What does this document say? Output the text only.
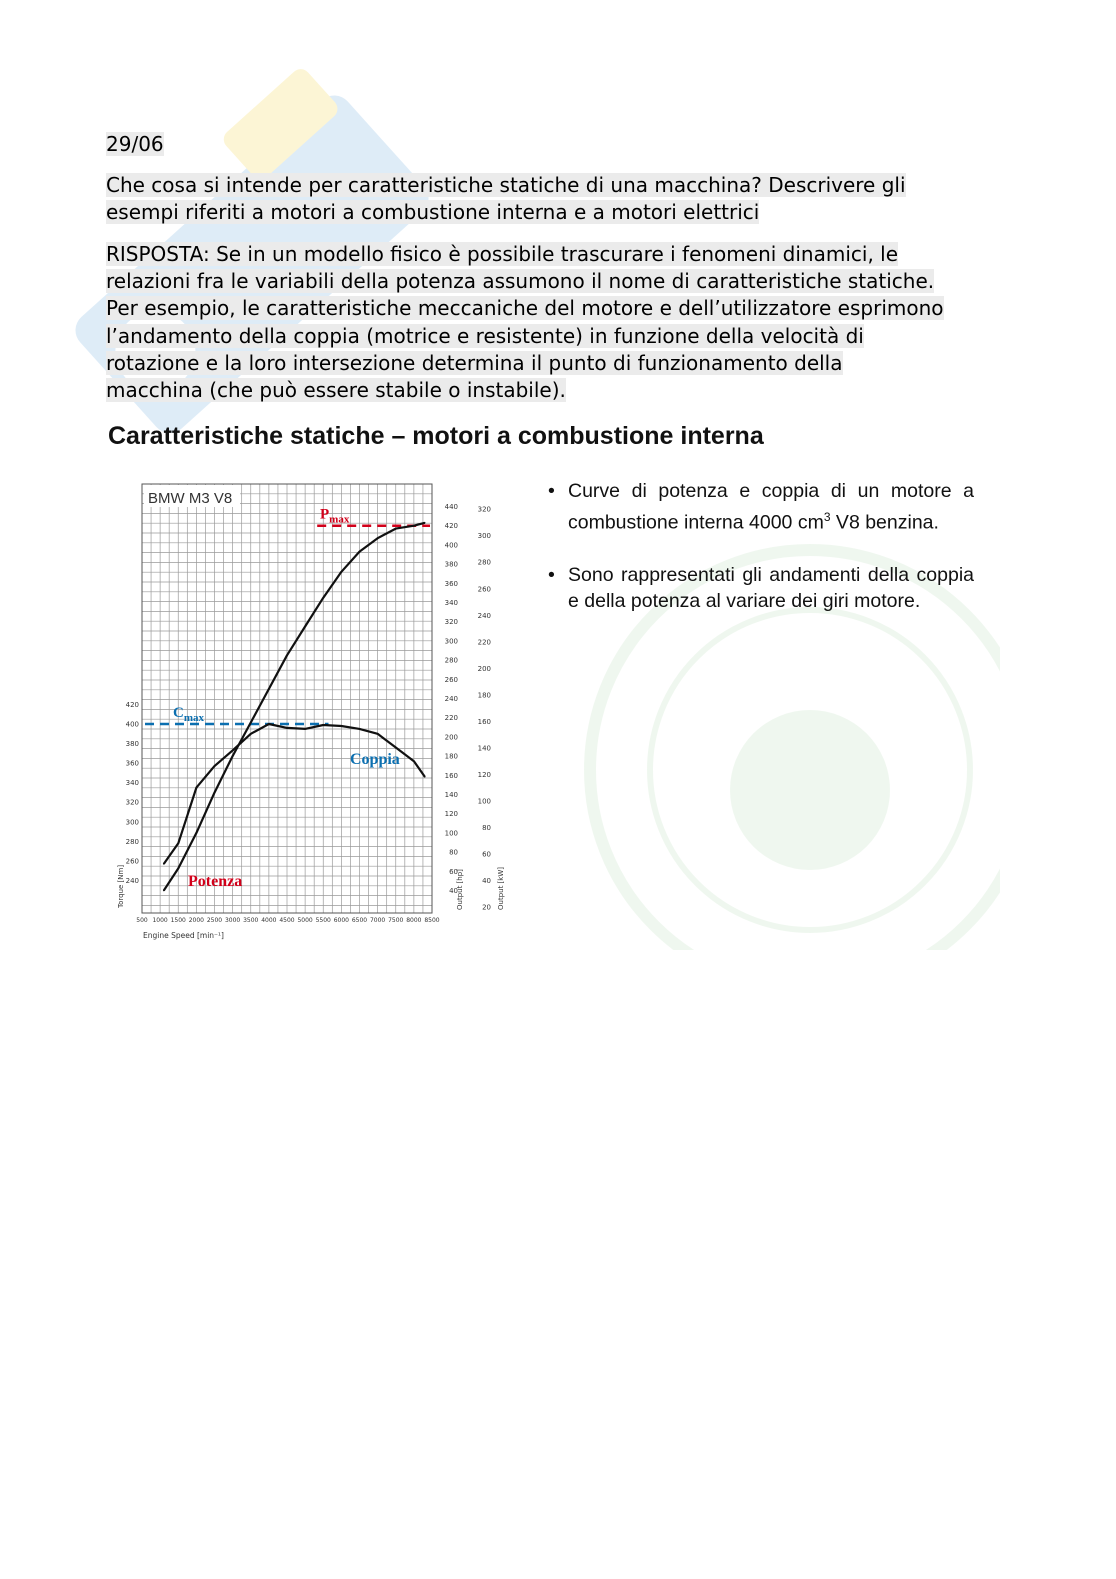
29/06
Che cosa si intende per caratteristiche statiche di una macchina? Descrivere gli
esempi riferiti a motori a combustione interna e a motori elettrici
RISPOSTA: Se in un modello fisico è possibile trascurare i fenomeni dinamici, le
relazioni fra le variabili della potenza assumono il nome di caratteristiche statiche.
Per esempio, le caratteristiche meccaniche del motore e dell’utilizzatore esprimono
l’andamento della coppia (motrice e resistente) in funzione della velocità di
rotazione e la loro intersezione determina il punto di funzionamento della
macchina (che può essere stabile o instabile).
Caratteristiche statiche – motori a combustione interna
BMW M3 V8
500 1000 1500 2000 2500 3000 3500 4000 4500 5000 5500 6000 6500 7000 7500 8000 8500
Engine Speed [min⁻¹]
240
260
280
300
320
340
360
380
400
420
Torque [Nm]	40
60
80
100
120
140
160
180
200
220
240
260
280
300
320
340
360
380
400
420
440
Output [hp]	20
40
60
80
100
120
140
160
180
200
220
240
260
280
300
320
Output [kW]
$P_{max}$
$C_{max}$
Coppia
Potenza
• Curve di potenza e coppia di un motore a combustione interna 4000 $cm^3$ V8 benzina.
• Sono rappresentati gli andamenti della coppia e della potenza al variare dei giri motore.
